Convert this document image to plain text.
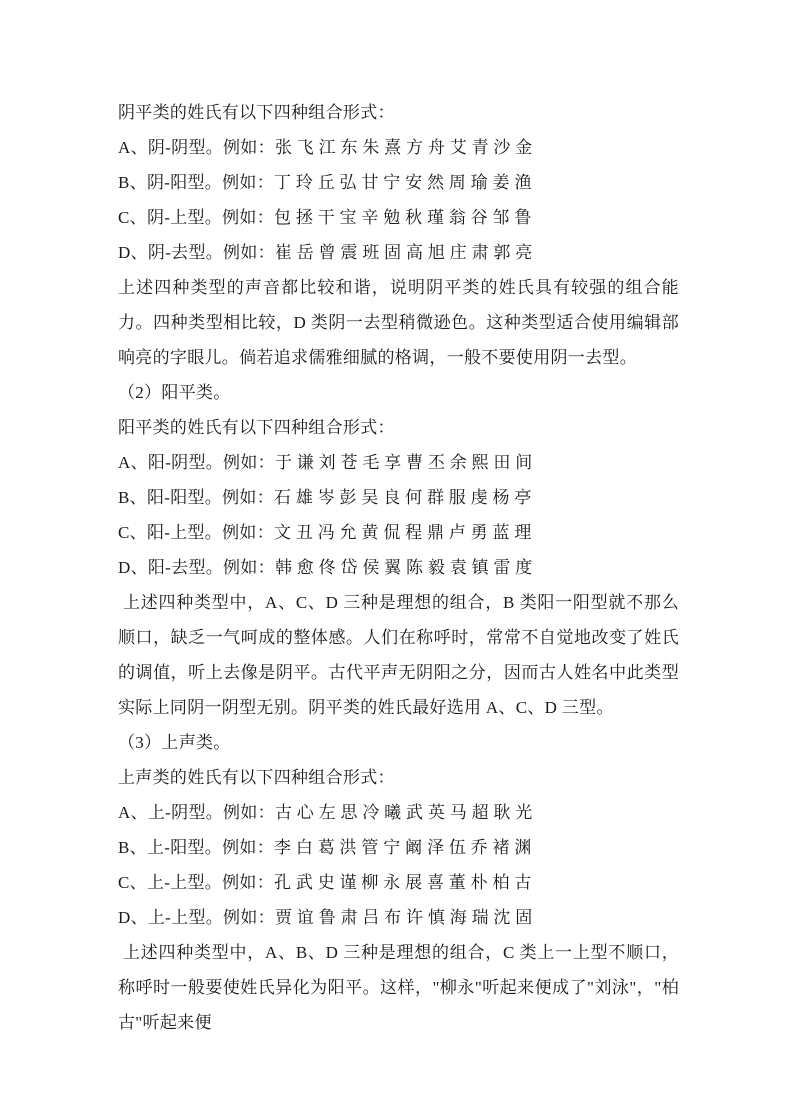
阴平类的姓氏有以下四种组合形式：

A、阴-阴型。例如：张 飞 江 东 朱 熹 方 舟 艾 青 沙 金

B、阴-阳型。例如：丁 玲 丘 弘 甘 宁 安 然 周 瑜 姜 渔

C、阴-上型。例如：包 拯 干 宝 辛 勉 秋 瑾 翁 谷 邹 鲁

D、阴-去型。例如：崔 岳 曾 震 班 固 高 旭 庄 肃 郭 亮

上述四种类型的声音都比较和谐，说明阴平类的姓氏具有较强的组合能力。四种类型相比较，D 类阴一去型稍微逊色。这种类型适合使用编辑部响亮的字眼儿。倘若追求儒雅细腻的格调，一般不要使用阴一去型。

（2）阳平类。

阳平类的姓氏有以下四种组合形式：

A、阳-阴型。例如：于 谦 刘 苍 毛 享 曹 丕 余 熙 田 间

B、阳-阳型。例如：石 雄 岑 彭 吴 良 何 群 服 虔 杨 亭

C、阳-上型。例如：文 丑 冯 允 黄 侃 程 鼎 卢 勇 蓝 理

D、阳-去型。例如：韩 愈 佟 岱 侯 翼 陈 毅 袁 镇 雷 度

上述四种类型中，A、C、D 三种是理想的组合，B 类阳一阳型就不那么顺口，缺乏一气呵成的整体感。人们在称呼时，常常不自觉地改变了姓氏的调值，听上去像是阴平。古代平声无阴阳之分，因而古人姓名中此类型实际上同阴一阴型无别。阴平类的姓氏最好选用 A、C、D 三型。

（3）上声类。

上声类的姓氏有以下四种组合形式：

A、上-阴型。例如：古 心 左 思 冷 曦 武 英 马 超 耿 光

B、上-阳型。例如：李 白 葛 洪 管 宁 阚 泽 伍 乔 褚 渊

C、上-上型。例如：孔 武 史 谨 柳 永 展 喜 董 朴 柏 古

D、上-上型。例如：贾 谊 鲁 肃 吕 布 许 慎 海 瑞 沈 固

上述四种类型中，A、B、D 三种是理想的组合，C 类上一上型不顺口，称呼时一般要使姓氏异化为阳平。这样，"柳永"听起来便成了"刘泳"，"柏古"听起来便
